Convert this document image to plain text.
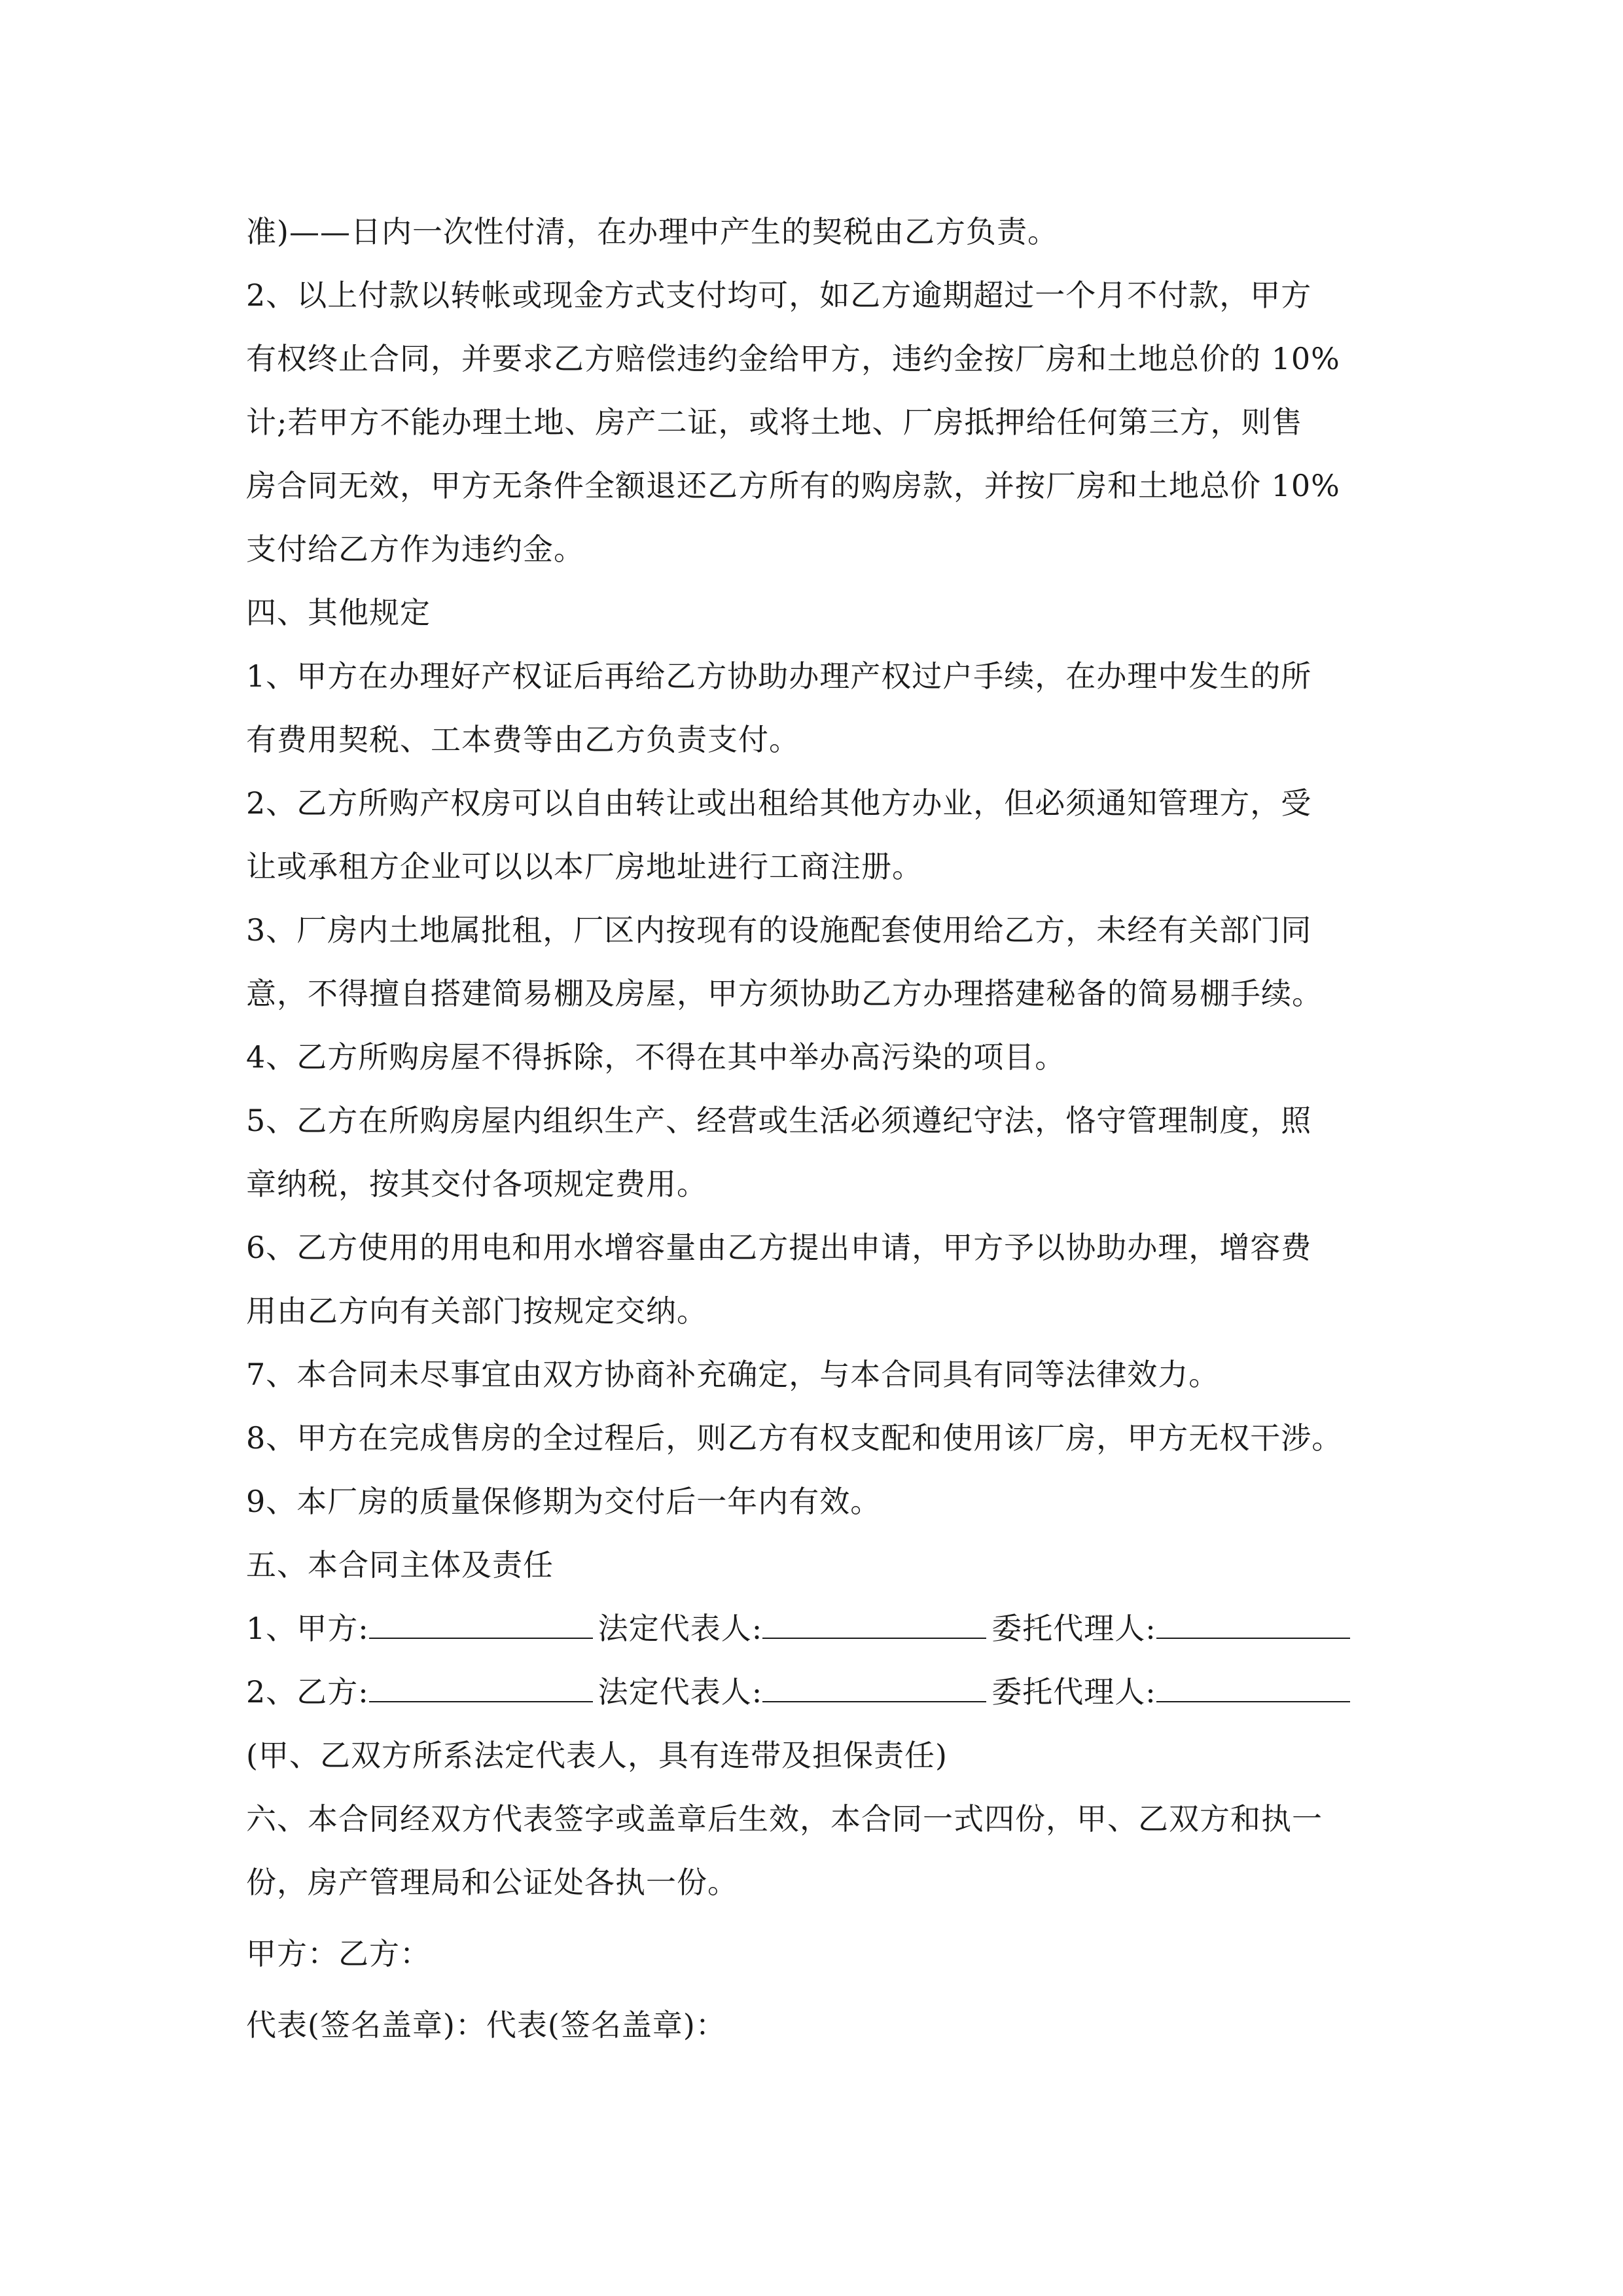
准)——日内一次性付清，在办理中产生的契税由乙方负责。
2、以上付款以转帐或现金方式支付均可，如乙方逾期超过一个月不付款，甲方
有权终止合同，并要求乙方赔偿违约金给甲方，违约金按厂房和土地总价的 10%
计;若甲方不能办理土地、房产二证，或将土地、厂房抵押给任何第三方，则售
房合同无效，甲方无条件全额退还乙方所有的购房款，并按厂房和土地总价 10%
支付给乙方作为违约金。
四、其他规定
1、甲方在办理好产权证后再给乙方协助办理产权过户手续，在办理中发生的所
有费用契税、工本费等由乙方负责支付。
2、乙方所购产权房可以自由转让或出租给其他方办业，但必须通知管理方，受
让或承租方企业可以以本厂房地址进行工商注册。
3、厂房内土地属批租，厂区内按现有的设施配套使用给乙方，未经有关部门同
意，不得擅自搭建简易棚及房屋，甲方须协助乙方办理搭建秘备的简易棚手续。
4、乙方所购房屋不得拆除，不得在其中举办高污染的项目。
5、乙方在所购房屋内组织生产、经营或生活必须遵纪守法，恪守管理制度，照
章纳税，按其交付各项规定费用。
6、乙方使用的用电和用水增容量由乙方提出申请，甲方予以协助办理，增容费
用由乙方向有关部门按规定交纳。
7、本合同未尽事宜由双方协商补充确定，与本合同具有同等法律效力。
8、甲方在完成售房的全过程后，则乙方有权支配和使用该厂房，甲方无权干涉。
9、本厂房的质量保修期为交付后一年内有效。
五、本合同主体及责任
1、甲方:	法定代表人:	委托代理人:
2、乙方:	法定代表人:	委托代理人:
(甲、乙双方所系法定代表人，具有连带及担保责任)
六、本合同经双方代表签字或盖章后生效，本合同一式四份，甲、乙双方和执一
份，房产管理局和公证处各执一份。
甲方：乙方：
代表(签名盖章)：代表(签名盖章)：
